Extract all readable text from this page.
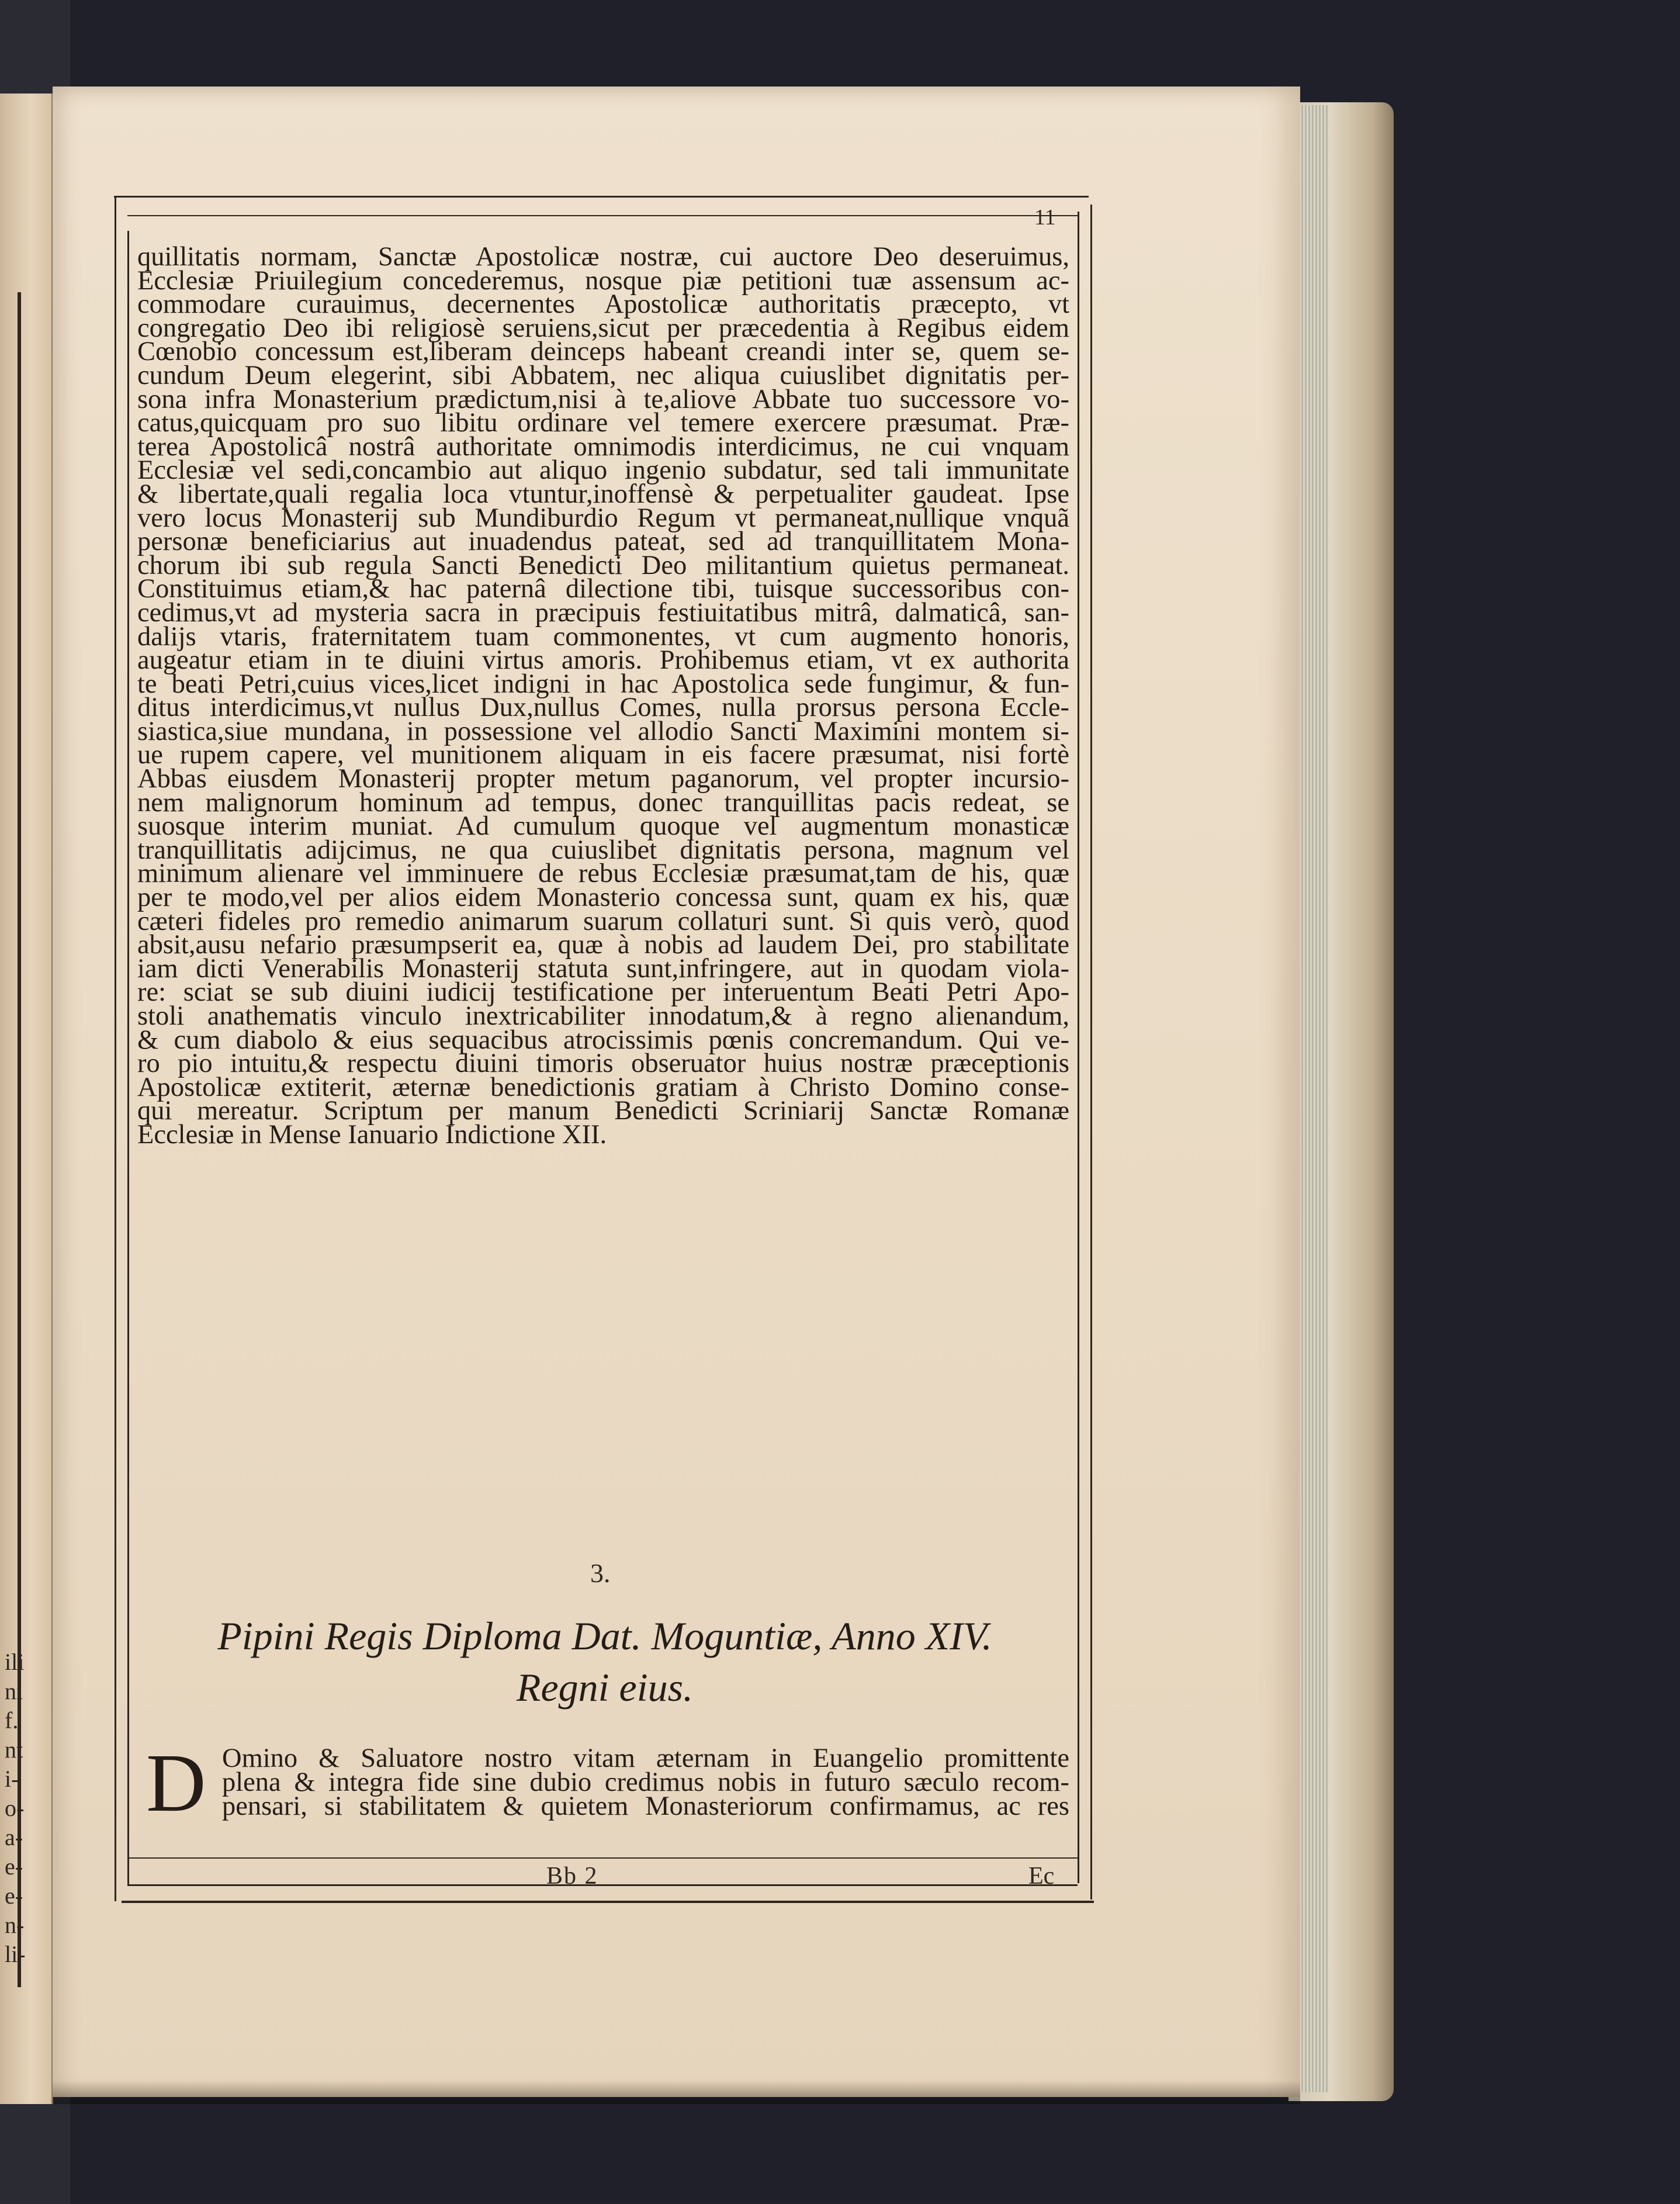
ili
ni
f.
nt
i-
o-
a-
e-
e-
n-
li-
11
quillitatis normam, Sanctæ Apostolicæ nostræ, cui auctore Deo deseruimus,
Ecclesiæ Priuilegium concederemus, nosque piæ petitioni tuæ assensum ac-
commodare curauimus, decernentes Apostolicæ authoritatis præcepto, vt
congregatio Deo ibi religiosè seruiens,sicut per præcedentia à Regibus eidem
Cœnobio concessum est,liberam deinceps habeant creandi inter se, quem se-
cundum Deum elegerint, sibi Abbatem, nec aliqua cuiuslibet dignitatis per-
sona infra Monasterium prædictum,nisi à te,aliove Abbate tuo successore vo-
catus,quicquam pro suo libitu ordinare vel temere exercere præsumat. Præ-
terea Apostolicâ nostrâ authoritate omnimodis interdicimus, ne cui vnquam
Ecclesiæ vel sedi,concambio aut aliquo ingenio subdatur, sed tali immunitate
& libertate,quali regalia loca vtuntur,inoffensè & perpetualiter gaudeat. Ipse
vero locus Monasterij sub Mundiburdio Regum vt permaneat,nullique vnquã
personæ beneficiarius aut inuadendus pateat, sed ad tranquillitatem Mona-
chorum ibi sub regula Sancti Benedicti Deo militantium quietus permaneat.
Constituimus etiam,& hac paternâ dilectione tibi, tuisque successoribus con-
cedimus,vt ad mysteria sacra in præcipuis festiuitatibus mitrâ, dalmaticâ, san-
dalijs vtaris, fraternitatem tuam commonentes, vt cum augmento honoris,
augeatur etiam in te diuini virtus amoris. Prohibemus etiam, vt ex authorita
te beati Petri,cuius vices,licet indigni in hac Apostolica sede fungimur, & fun-
ditus interdicimus,vt nullus Dux,nullus Comes, nulla prorsus persona Eccle-
siastica,siue mundana, in possessione vel allodio Sancti Maximini montem si-
ue rupem capere, vel munitionem aliquam in eis facere præsumat, nisi fortè
Abbas eiusdem Monasterij propter metum paganorum, vel propter incursio-
nem malignorum hominum ad tempus, donec tranquillitas pacis redeat, se
suosque interim muniat. Ad cumulum quoque vel augmentum monasticæ
tranquillitatis adijcimus, ne qua cuiuslibet dignitatis persona, magnum vel
minimum alienare vel imminuere de rebus Ecclesiæ præsumat,tam de his, quæ
per te modo,vel per alios eidem Monasterio concessa sunt, quam ex his, quæ
cæteri fideles pro remedio animarum suarum collaturi sunt. Si quis verò, quod
absit,ausu nefario præsumpserit ea, quæ à nobis ad laudem Dei, pro stabilitate
iam dicti Venerabilis Monasterij statuta sunt,infringere, aut in quodam viola-
re: sciat se sub diuini iudicij testificatione per interuentum Beati Petri Apo-
stoli anathematis vinculo inextricabiliter innodatum,& à regno alienandum,
& cum diabolo & eius sequacibus atrocissimis pœnis concremandum. Qui ve-
ro pio intuitu,& respectu diuini timoris obseruator huius nostræ præceptionis
Apostolicæ extiterit, æternæ benedictionis gratiam à Christo Domino conse-
qui mereatur. Scriptum per manum Benedicti Scriniarij Sanctæ Romanæ
Ecclesiæ in Mense Ianuario Indictione XII.
3.
Pipini Regis Diploma Dat. Moguntiæ, Anno XIV.
Regni eius.
D Omino & Saluatore nostro vitam æternam in Euangelio promittente
plena & integra fide sine dubio credimus nobis in futuro sæculo recom-
pensari, si stabilitatem & quietem Monasteriorum confirmamus, ac res
Bb 2	Ec
